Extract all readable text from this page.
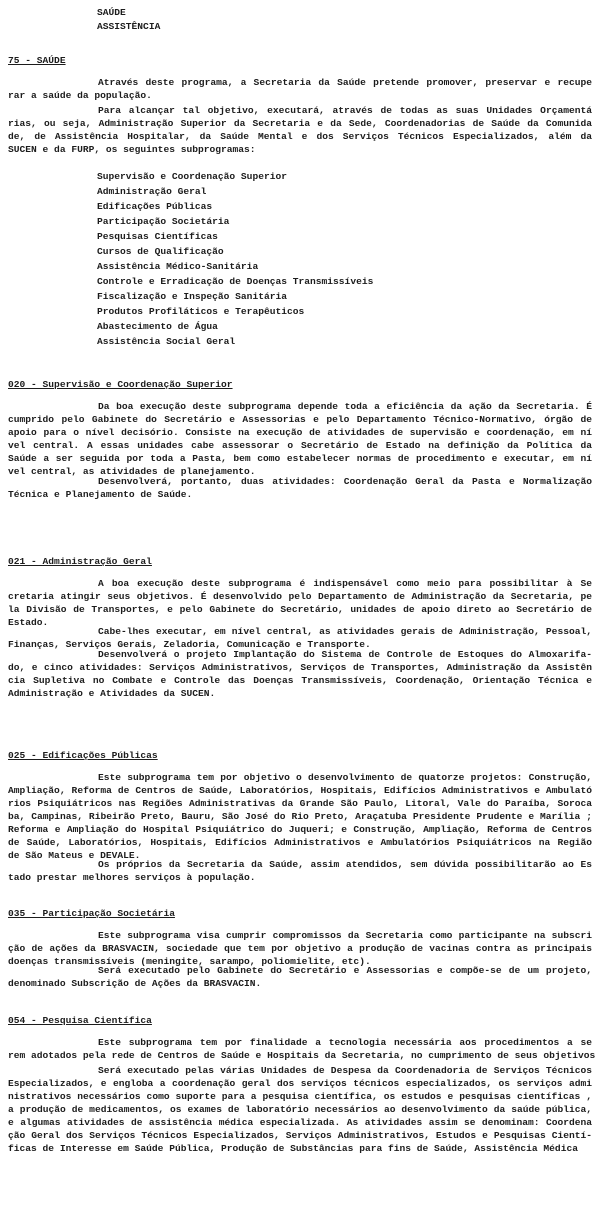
SAÚDE
ASSISTÊNCIA
75 - SAÚDE
Através deste programa, a Secretaria da Saúde pretende promover, preservar e recupe
rar a saúde da população.
Para alcançar tal objetivo, executará, através de todas as suas Unidades Orçamentá
rias, ou seja, Administração Superior da Secretaria e da Sede, Coordenadorias de Saúde da Comunida
de, de Assistência Hospitalar, da Saúde Mental e dos Serviços Técnicos Especializados, além da
SUCEN e da FURP, os seguintes subprogramas:
Supervisão e Coordenação Superior
Administração Geral
Edificações Públicas
Participação Societária
Pesquisas Científicas
Cursos de Qualificação
Assistência Médico-Sanitária
Controle e Erradicação de Doenças Transmissíveis
Fiscalização e Inspeção Sanitária
Produtos Profiláticos e Terapêuticos
Abastecimento de Água
Assistência Social Geral
020 - Supervisão e Coordenação Superior
Da boa execução deste subprograma depende toda a eficiência da ação da Secretaria. É
cumprido pelo Gabinete do Secretário e Assessorias e pelo Departamento Técnico-Normativo, órgão de
apoio para o nível decisório. Consiste na execução de atividades de supervisão e coordenação, em ní
vel central. A essas unidades cabe assessorar o Secretário de Estado na definição da Política da
Saúde a ser seguida por toda a Pasta, bem como estabelecer normas de procedimento e executar, em ní
vel central, as atividades de planejamento.
Desenvolverá, portanto, duas atividades: Coordenação Geral da Pasta e Normalização
Técnica e Planejamento de Saúde.
021 - Administração Geral
A boa execução deste subprograma é indispensável como meio para possibilitar à Se
cretaria atingir seus objetivos. É desenvolvido pelo Departamento de Administração da Secretaria, pe
la Divisão de Transportes, e pelo Gabinete do Secretário, unidades de apoio direto ao Secretário de
Estado.
Cabe-lhes executar, em nível central, as atividades gerais de Administração, Pessoal,
Finanças, Serviços Gerais, Zeladoria, Comunicação e Transporte.
Desenvolverá o projeto Implantação do Sistema de Controle de Estoques do Almoxarifa-
do, e cinco atividades: Serviços Administrativos, Serviços de Transportes, Administração da Assistên
cia Supletiva no Combate e Controle das Doenças Transmissíveis, Coordenação, Orientação Técnica e
Administração e Atividades da SUCEN.
025 - Edificações Públicas
Este subprograma tem por objetivo o desenvolvimento de quatorze projetos: Construção,
Ampliação, Reforma de Centros de Saúde, Laboratórios, Hospitais, Edifícios Administrativos e Ambulató
rios Psiquiátricos nas Regiões Administrativas da Grande São Paulo, Litoral, Vale do Paraíba, Soroca
ba, Campinas, Ribeirão Preto, Bauru, São José do Rio Preto, Araçatuba Presidente Prudente e Marília ;
Reforma e Ampliação do Hospital Psiquiátrico do Juqueri; e Construção, Ampliação, Reforma de Centros
de Saúde, Laboratórios, Hospitais, Edifícios Administrativos e Ambulatórios Psiquiátricos na Região
de São Mateus e DEVALE.
Os próprios da Secretaria da Saúde, assim atendidos, sem dúvida possibilitarão ao Es
tado prestar melhores serviços à população.
035 - Participação Societária
Este subprograma visa cumprir compromissos da Secretaria como participante na subscri
ção de ações da BRASVACIN, sociedade que tem por objetivo a produção de vacinas contra as principais
doenças transmissíveis (meningite, sarampo, poliomielite, etc).
Será executado pelo Gabinete do Secretário e Assessorias e compõe-se de um projeto,
denominado Subscrição de Ações da BRASVACIN.
054 - Pesquisa Científica
Este subprograma tem por finalidade a tecnologia necessária aos procedimentos a se
rem adotados pela rede de Centros de Saúde e Hospitais da Secretaria, no cumprimento de seus objetivos
Será executado pelas várias Unidades de Despesa da Coordenadoria de Serviços Técnicos
Especializados, e engloba a coordenação geral dos serviços técnicos especializados, os serviços admi
nistrativos necessários como suporte para a pesquisa científica, os estudos e pesquisas científicas ,
a produção de medicamentos, os exames de laboratório necessários ao desenvolvimento da saúde pública,
e algumas atividades de assistência médica especializada. As atividades assim se denominam: Coordena
ção Geral dos Serviços Técnicos Especializados, Serviços Administrativos, Estudos e Pesquisas Cientí-
ficas de Interesse em Saúde Pública, Produção de Substâncias para fins de Saúde, Assistência Médica
